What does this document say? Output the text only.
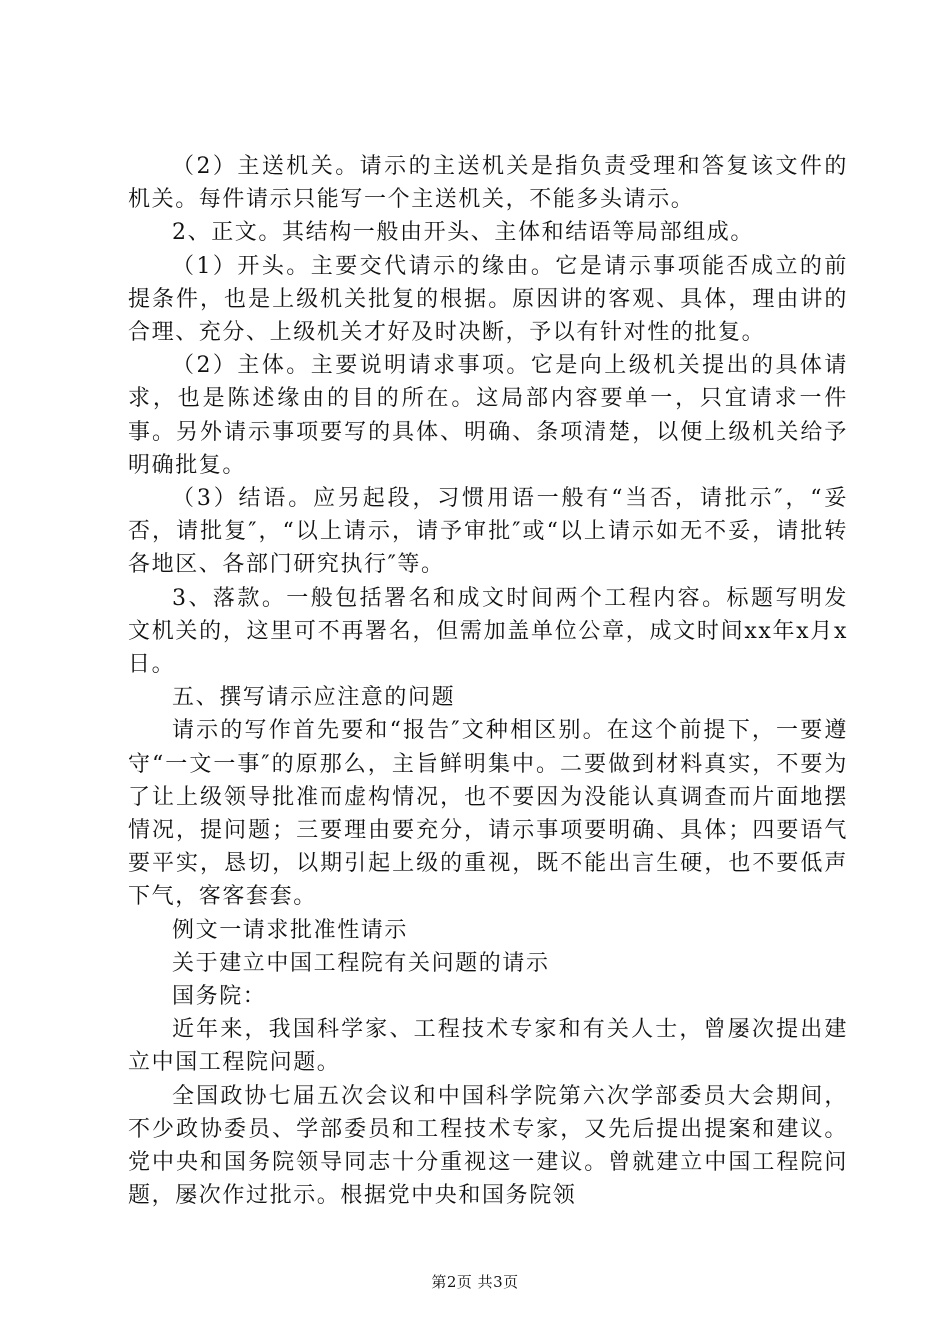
（2）主送机关。请示的主送机关是指负责受理和答复该文件的机关。每件请示只能写一个主送机关，不能多头请示。

2、正文。其结构一般由开头、主体和结语等局部组成。

（1）开头。主要交代请示的缘由。它是请示事项能否成立的前提条件，也是上级机关批复的根据。原因讲的客观、具体，理由讲的合理、充分、上级机关才好及时决断，予以有针对性的批复。

（2）主体。主要说明请求事项。它是向上级机关提出的具体请求，也是陈述缘由的目的所在。这局部内容要单一，只宜请求一件事。另外请示事项要写的具体、明确、条项清楚，以便上级机关给予明确批复。

（3）结语。应另起段，习惯用语一般有“当否，请批示″，“妥否，请批复″，“以上请示，请予审批″或“以上请示如无不妥，请批转各地区、各部门研究执行″等。

3、落款。一般包括署名和成文时间两个工程内容。标题写明发文机关的，这里可不再署名，但需加盖单位公章，成文时间xx年x月x日。

五、撰写请示应注意的问题

请示的写作首先要和“报告″文种相区别。在这个前提下，一要遵守“一文一事″的原那么，主旨鲜明集中。二要做到材料真实，不要为了让上级领导批准而虚构情况，也不要因为没能认真调查而片面地摆情况，提问题；三要理由要充分，请示事项要明确、具体；四要语气要平实，恳切，以期引起上级的重视，既不能出言生硬，也不要低声下气，客客套套。

例文一请求批准性请示

关于建立中国工程院有关问题的请示

国务院：

近年来，我国科学家、工程技术专家和有关人士，曾屡次提出建立中国工程院问题。

全国政协七届五次会议和中国科学院第六次学部委员大会期间，不少政协委员、学部委员和工程技术专家，又先后提出提案和建议。党中央和国务院领导同志十分重视这一建议。曾就建立中国工程院问题，屡次作过批示。根据党中央和国务院领

第2页 共3页
